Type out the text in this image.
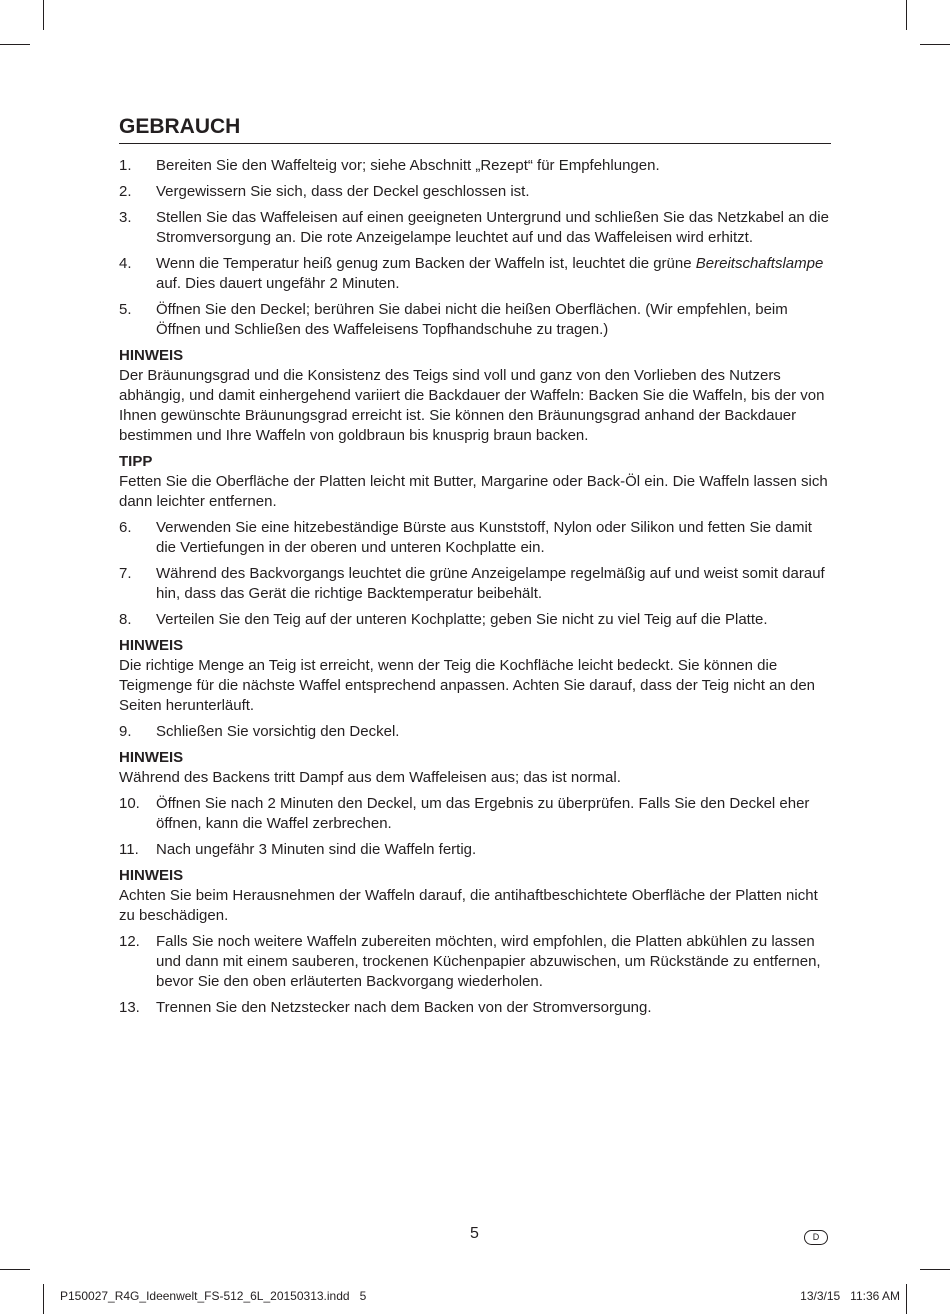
GEBRAUCH
1. Bereiten Sie den Waffelteig vor; siehe Abschnitt „Rezept“ für Empfehlungen.
2. Vergewissern Sie sich, dass der Deckel geschlossen ist.
3. Stellen Sie das Waffeleisen auf einen geeigneten Untergrund und schließen Sie das Netzkabel an die Stromversorgung an. Die rote Anzeigelampe leuchtet auf und das Waffeleisen wird erhitzt.
4. Wenn die Temperatur heiß genug zum Backen der Waffeln ist, leuchtet die grüne Bereitschaftslampe auf. Dies dauert ungefähr 2 Minuten.
5. Öffnen Sie den Deckel; berühren Sie dabei nicht die heißen Oberflächen. (Wir empfehlen, beim Öffnen und Schließen des Waffeleisens Topfhandschuhe zu tragen.)
HINWEIS
Der Bräunungsgrad und die Konsistenz des Teigs sind voll und ganz von den Vorlieben des Nutzers abhängig, und damit einhergehend variiert die Backdauer der Waffeln: Backen Sie die Waffeln, bis der von Ihnen gewünschte Bräunungsgrad erreicht ist. Sie können den Bräunungsgrad anhand der Backdauer bestimmen und Ihre Waffeln von goldbraun bis knusprig braun backen.
TIPP
Fetten Sie die Oberfläche der Platten leicht mit Butter, Margarine oder Back-Öl ein. Die Waffeln lassen sich dann leichter entfernen.
6. Verwenden Sie eine hitzebeständige Bürste aus Kunststoff, Nylon oder Silikon und fetten Sie damit die Vertiefungen in der oberen und unteren Kochplatte ein.
7. Während des Backvorgangs leuchtet die grüne Anzeigelampe regelmäßig auf und weist somit darauf hin, dass das Gerät die richtige Backtemperatur beibehält.
8. Verteilen Sie den Teig auf der unteren Kochplatte; geben Sie nicht zu viel Teig auf die Platte.
HINWEIS
Die richtige Menge an Teig ist erreicht, wenn der Teig die Kochfläche leicht bedeckt. Sie können die Teigmenge für die nächste Waffel entsprechend anpassen. Achten Sie darauf, dass der Teig nicht an den Seiten herunterläuft.
9. Schließen Sie vorsichtig den Deckel.
HINWEIS
Während des Backens tritt Dampf aus dem Waffeleisen aus; das ist normal.
10. Öffnen Sie nach 2 Minuten den Deckel, um das Ergebnis zu überprüfen. Falls Sie den Deckel eher öffnen, kann die Waffel zerbrechen.
11. Nach ungefähr 3 Minuten sind die Waffeln fertig.
HINWEIS
Achten Sie beim Herausnehmen der Waffeln darauf, die antihaftbeschichtete Oberfläche der Platten nicht zu beschädigen.
12. Falls Sie noch weitere Waffeln zubereiten möchten, wird empfohlen, die Platten abkühlen zu lassen und dann mit einem sauberen, trockenen Küchenpapier abzuwischen, um Rückstände zu entfernen, bevor Sie den oben erläuterten Backvorgang wiederholen.
13. Trennen Sie den Netzstecker nach dem Backen von der Stromversorgung.
5	D
P150027_R4G_Ideenwelt_FS-512_6L_20150313.indd   5	13/3/15   11:36 AM
